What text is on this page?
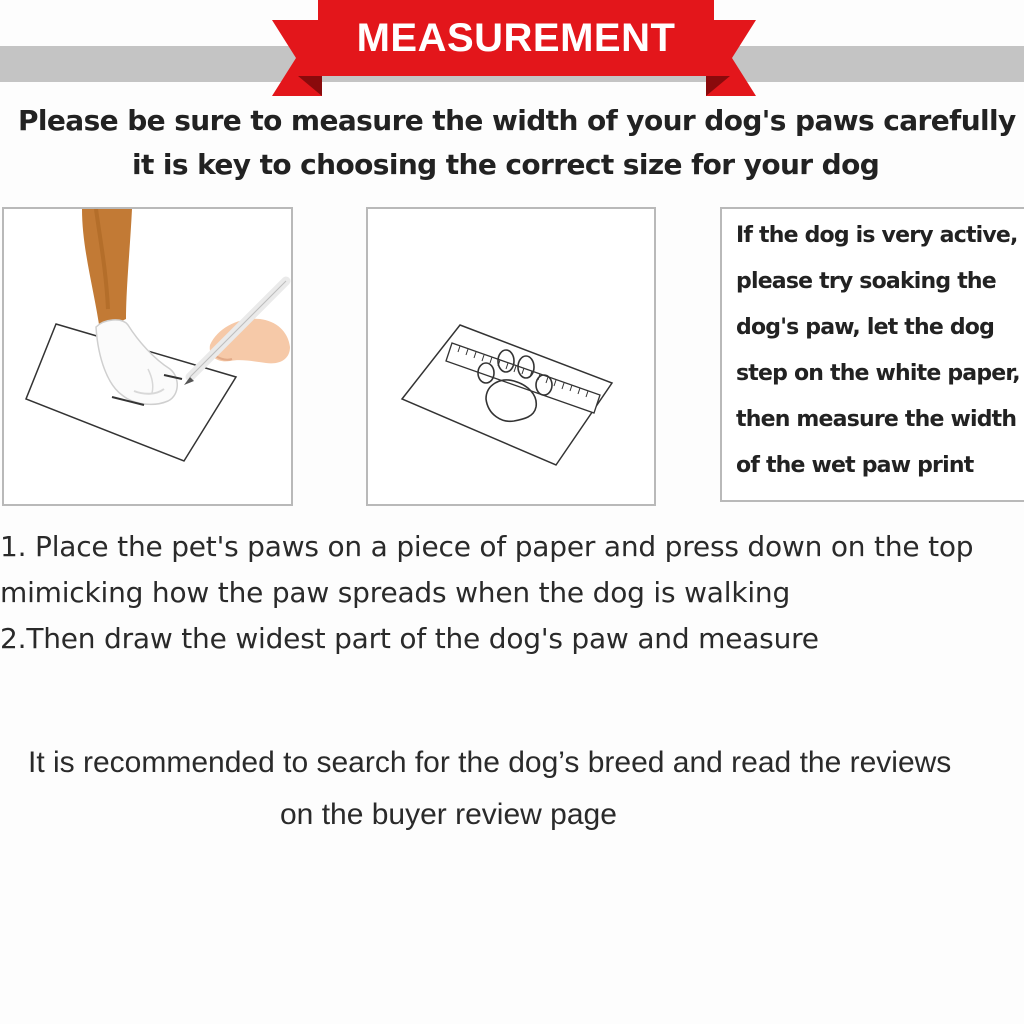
MEASUREMENT
Please be sure to measure the width of your dog's paws carefully
it is key to choosing the correct size for your dog
If the dog is very active,
please try soaking the
dog's paw, let the dog
step on the white paper,
then measure the width
of the wet paw print
1. Place the pet's paws on a piece of paper and press down on the top
mimicking how the paw spreads when the dog is walking
2.Then draw the widest part of the dog's paw and measure
It is recommended to search for the dog’s breed and read the reviews
on the buyer review page
